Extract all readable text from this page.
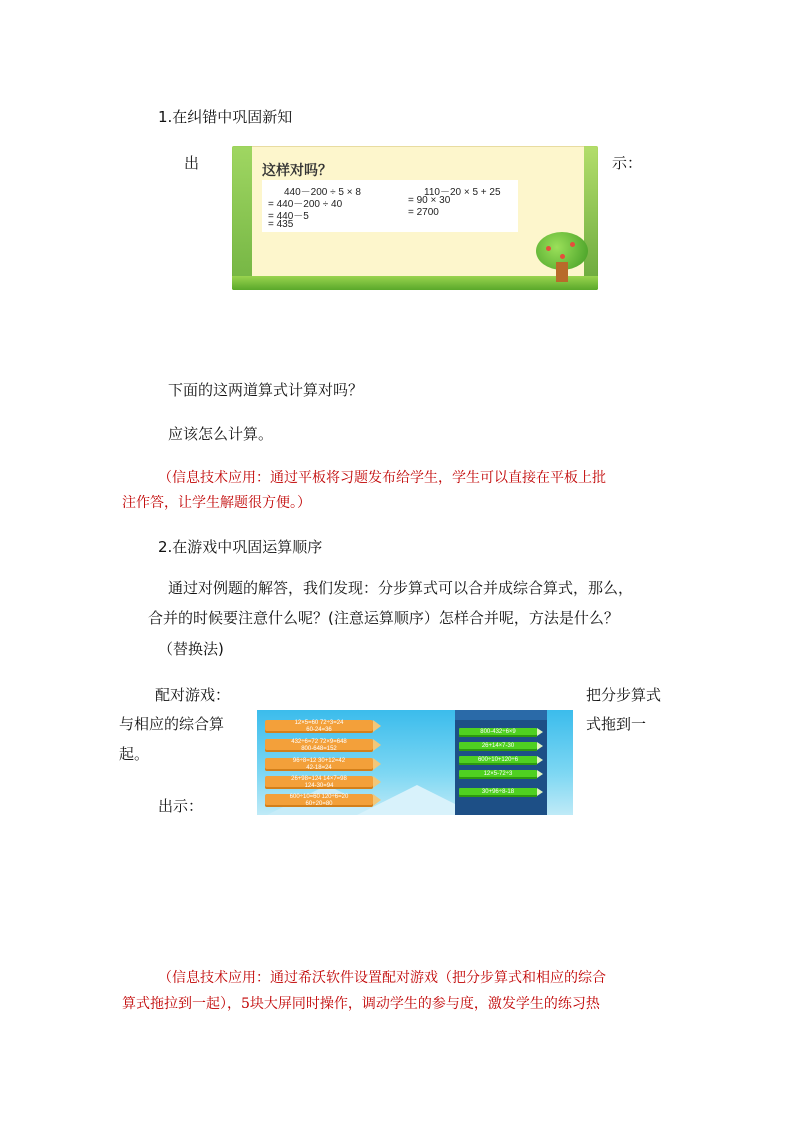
1.在纠错中巩固新知
出	示：
这样对吗？
440－200 ÷ 5 × 8
= 440－200 ÷ 40
= 440－5
= 435
110－20 × 5 + 25
= 90 × 30
= 2700
下面的这两道算式计算对吗？
应该怎么计算。
（信息技术应用：通过平板将习题发布给学生，学生可以直接在平板上批
注作答，让学生解题很方便。）
2.在游戏中巩固运算顺序
通过对例题的解答，我们发现：分步算式可以合并成综合算式，那么，
合并的时候要注意什么呢？(注意运算顺序）怎样合并呢，方法是什么？
（替换法)
配对游戏：
与相应的综合算
起。
出示：
把分步算式
式拖到一
12×5=60 72÷3=24
60-24=36
432÷6=72 72×9=648
800-648=152
96÷8=12 30+12=42
42-18=24
26+98=124 14×7=98
124-30=94
600÷10=60 120÷6=20
60+20=80
800-432÷6×9
26+14×7-30
600÷10+120÷6
12×5-72÷3
30+96÷8-18
（信息技术应用：通过希沃软件设置配对游戏（把分步算式和相应的综合
算式拖拉到一起），5块大屏同时操作，调动学生的参与度，激发学生的练习热
